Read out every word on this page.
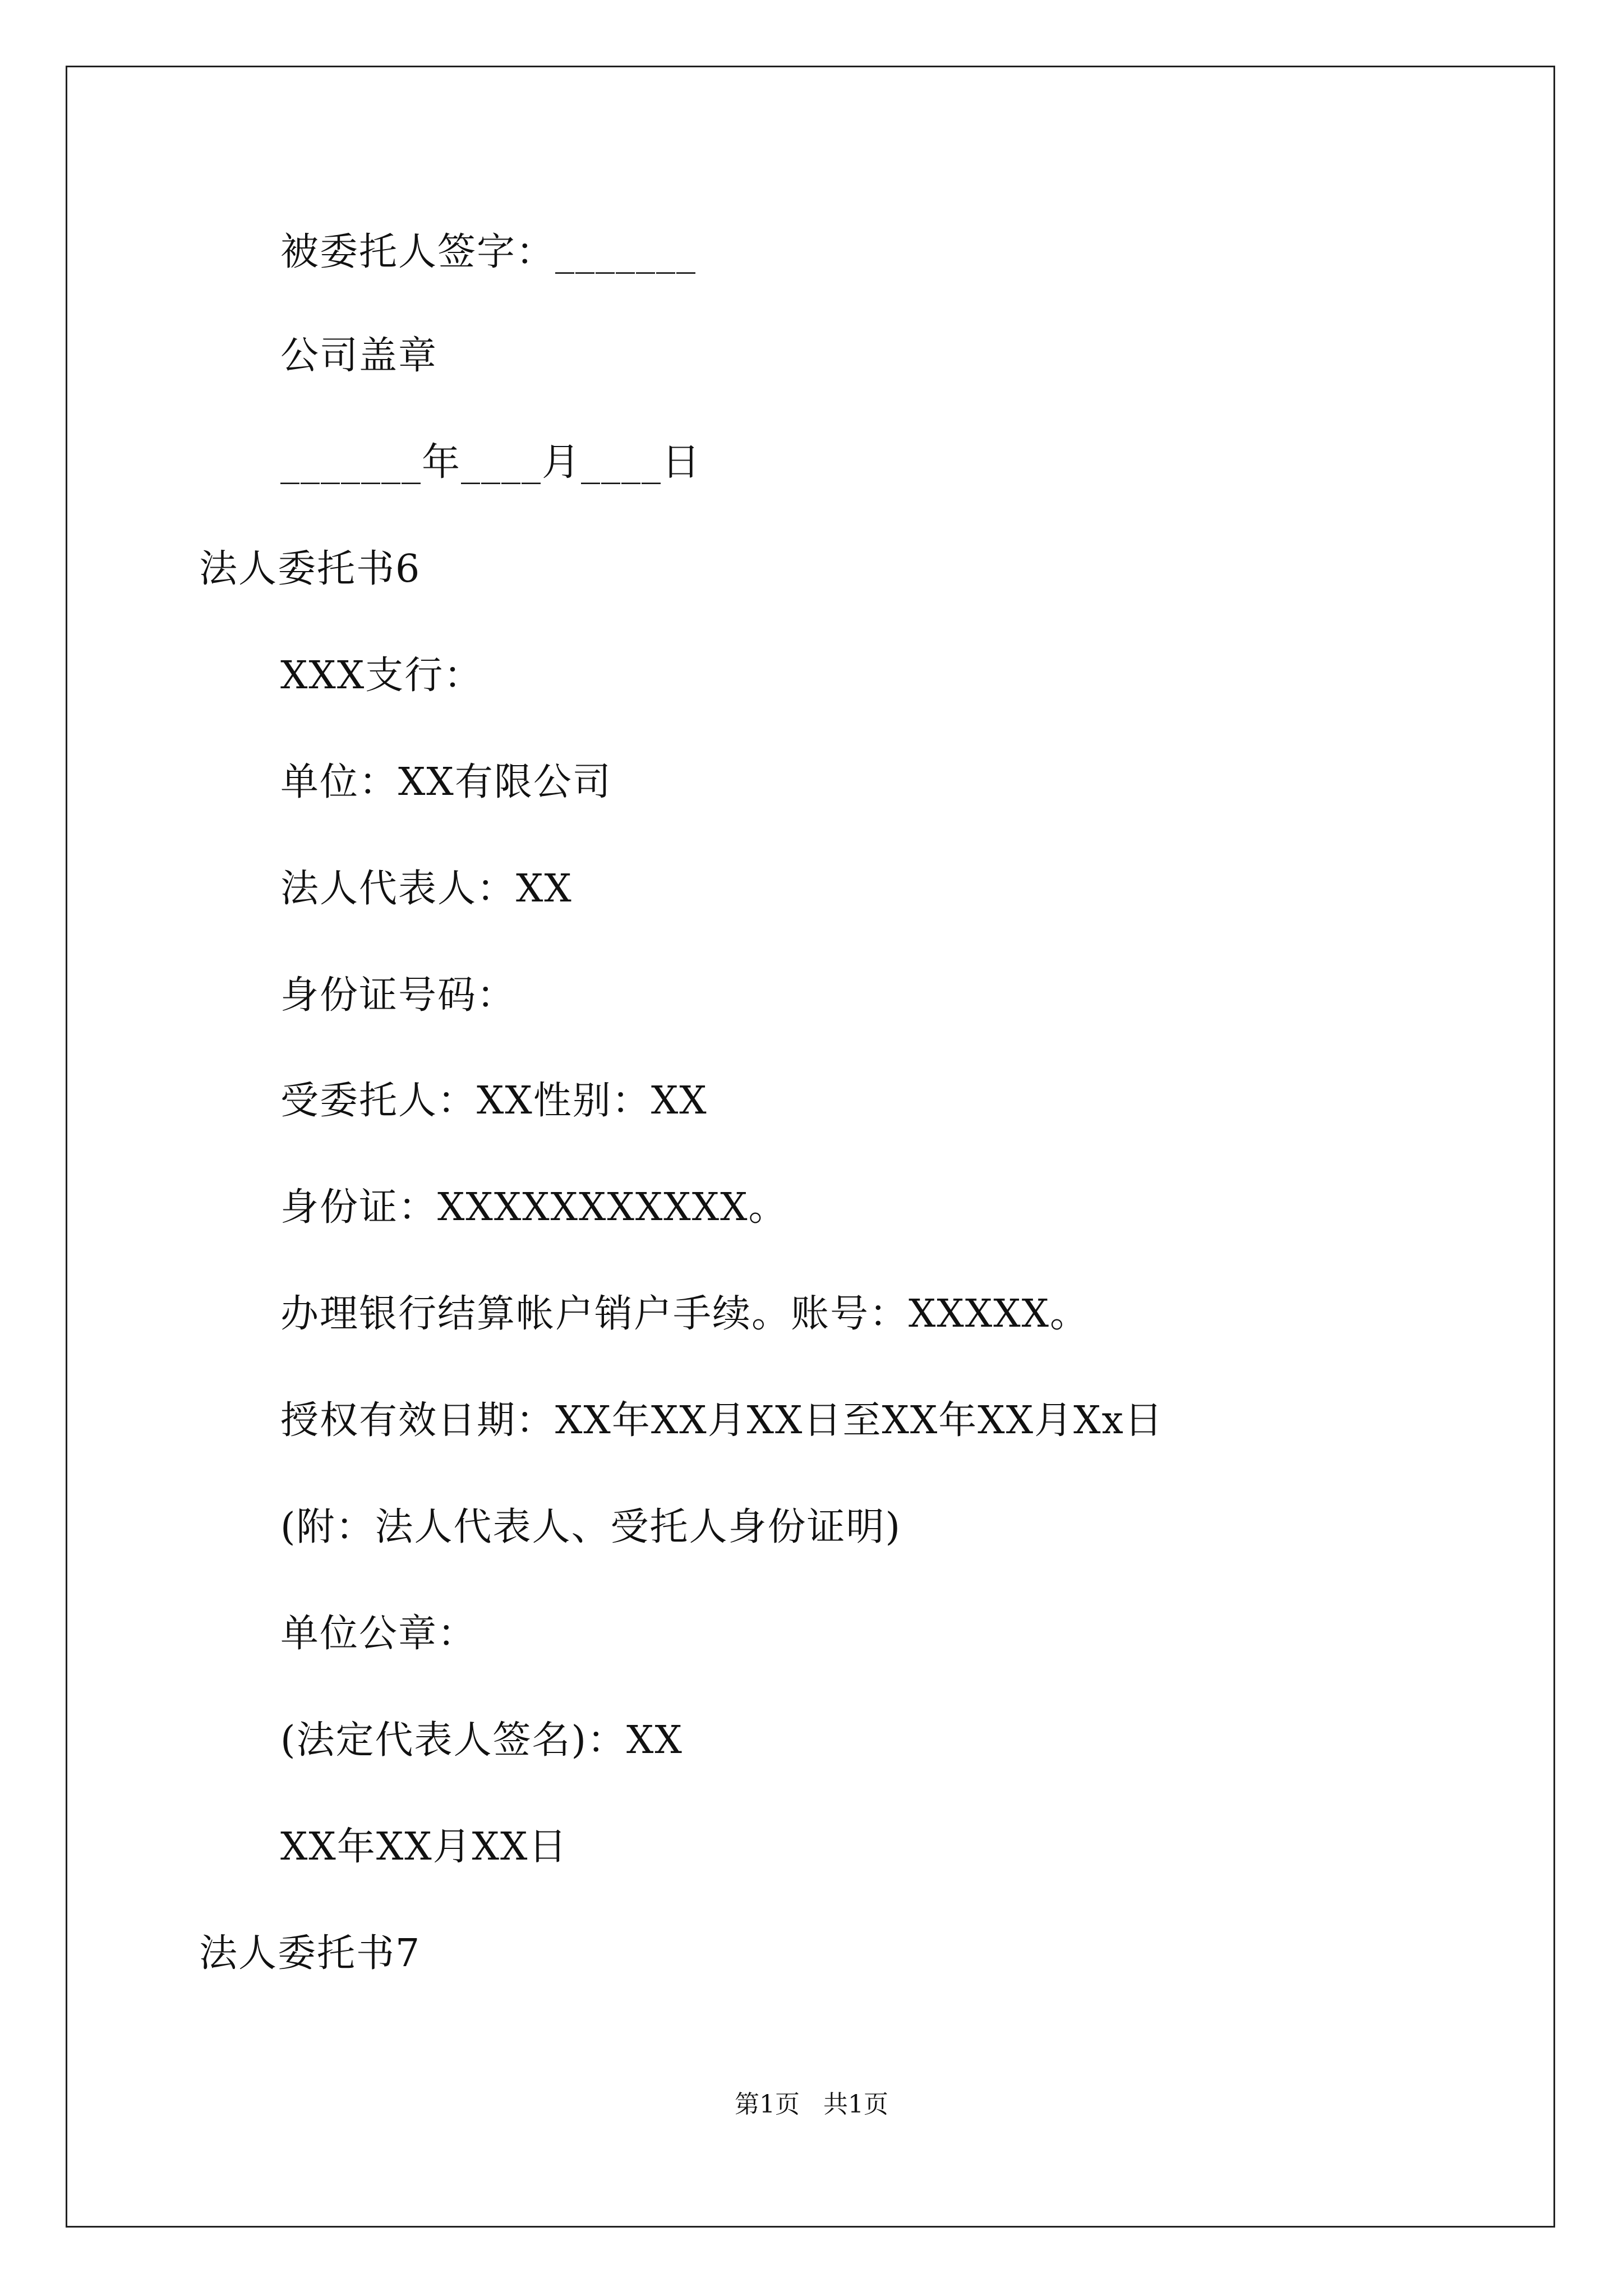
被委托人签字：_______
公司盖章
_______年____月____日
法人委托书6
XXX支行：
单位：XX有限公司
法人代表人：XX
身份证号码：
受委托人：XX性别：XX
身份证：XXXXXXXXXXX。
办理银行结算帐户销户手续。账号：XXXXX。
授权有效日期：XX年XX月XX日至XX年XX月Xx日
(附：法人代表人、受托人身份证明)
单位公章：
(法定代表人签名)：XX
XX年XX月XX日
法人委托书7
第1页   共1页
